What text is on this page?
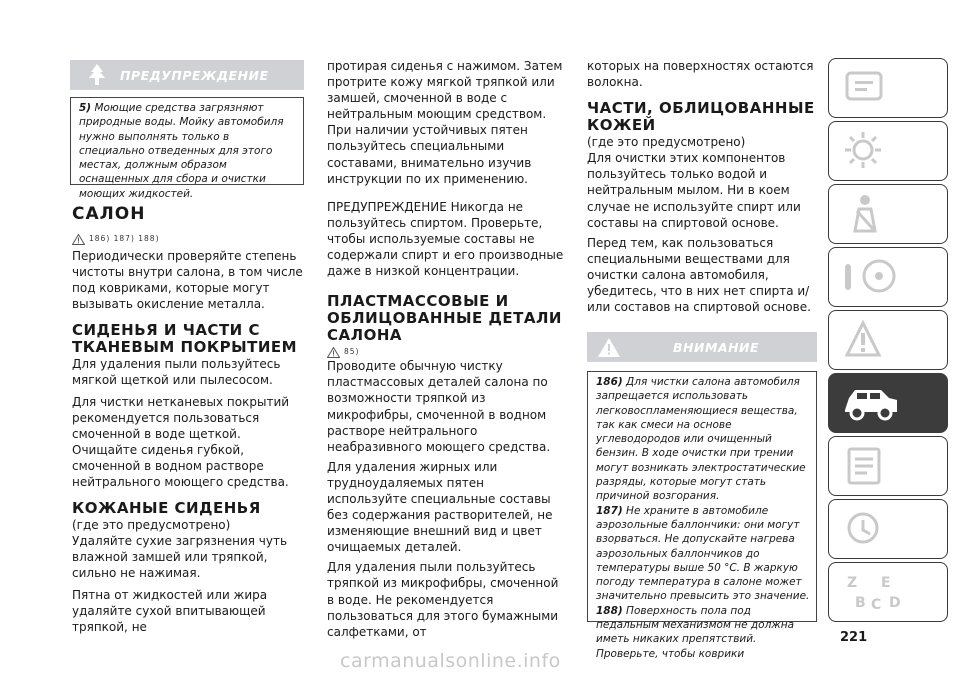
ПРЕДУПРЕЖДЕНИЕ

5) Моющие средства загрязняют природные воды. Мойку автомобиля нужно выполнять только в специально отведенных для этого местах, должным образом оснащенных для сбора и очистки моющих жидкостей.

САЛОН

186) 187) 188)

Периодически проверяйте степень чистоты внутри салона, в том числе под ковриками, которые могут вызывать окисление металла.

СИДЕНЬЯ И ЧАСТИ С ТКАНЕВЫМ ПОКРЫТИЕМ

Для удаления пыли пользуйтесь мягкой щеткой или пылесосом.

Для чистки нетканевых покрытий рекомендуется пользоваться смоченной в воде щеткой. Очищайте сиденья губкой, смоченной в водном растворе нейтрального моющего средства.

КОЖАНЫЕ СИДЕНЬЯ

(где это предусмотрено)

Удаляйте сухие загрязнения чуть влажной замшей или тряпкой, сильно не нажимая.

Пятна от жидкостей или жира удаляйте сухой впитывающей тряпкой, не

протирая сиденья с нажимом. Затем протрите кожу мягкой тряпкой или замшей, смоченной в воде с нейтральным моющим средством. При наличии устойчивых пятен пользуйтесь специальными составами, внимательно изучив инструкции по их применению.

ПРЕДУПРЕЖДЕНИЕ Никогда не пользуйтесь спиртом. Проверьте, чтобы используемые составы не содержали спирт и его производные даже в низкой концентрации.

ПЛАСТМАССОВЫЕ И ОБЛИЦОВАННЫЕ ДЕТАЛИ САЛОНА

85)

Проводите обычную чистку пластмассовых деталей салона по возможности тряпкой из микрофибры, смоченной в водном растворе нейтрального неабразивного моющего средства.

Для удаления жирных или трудноудаляемых пятен используйте специальные составы без содержания растворителей, не изменяющие внешний вид и цвет очищаемых деталей.

Для удаления пыли пользуйтесь тряпкой из микрофибры, смоченной в воде. Не рекомендуется пользоваться для этого бумажными салфетками, от

которых на поверхностях остаются волокна.

ЧАСТИ, ОБЛИЦОВАННЫЕ КОЖЕЙ

(где это предусмотрено)

Для очистки этих компонентов пользуйтесь только водой и нейтральным мылом. Ни в коем случае не используйте спирт или составы на спиртовой основе.

Перед тем, как пользоваться специальными веществами для очистки салона автомобиля, убедитесь, что в них нет спирта и/или составов на спиртовой основе.

ВНИМАНИЕ

186) Для чистки салона автомобиля запрещается использовать легковоспламеняющиеся вещества, так как смеси на основе углеводородов или очищенный бензин. В ходе очистки при трении могут возникать электростатические разряды, которые могут стать причиной возгорания.

187) Не храните в автомобиле аэрозольные баллончики: они могут взорваться. Не допускайте нагрева аэрозольных баллончиков до температуры выше 50 °C. В жаркую погоду температура в салоне может значительно превысить это значение.

188) Поверхность пола под педальным механизмом не должна иметь никаких препятствий. Проверьте, чтобы коврики

Z E
B D
C
221
carmanualsonline.info
